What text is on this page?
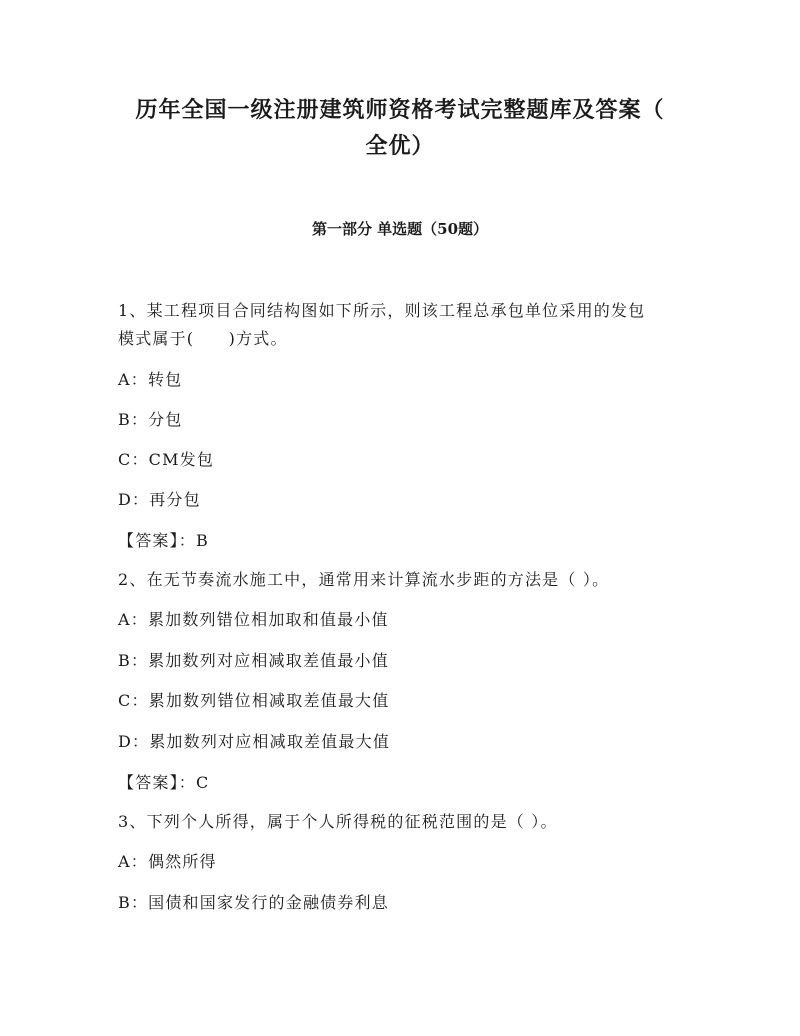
历年全国一级注册建筑师资格考试完整题库及答案（
全优）
第一部分 单选题（50题）
1、某工程项目合同结构图如下所示，则该工程总承包单位采用的发包
模式属于(　　)方式。
A：转包
B：分包
C：CM发包
D：再分包
【答案】：B
2、在无节奏流水施工中，通常用来计算流水步距的方法是（ ）。
A：累加数列错位相加取和值最小值
B：累加数列对应相减取差值最小值
C：累加数列错位相减取差值最大值
D：累加数列对应相减取差值最大值
【答案】：C
3、下列个人所得，属于个人所得税的征税范围的是（ ）。
A：偶然所得
B：国债和国家发行的金融债券利息
